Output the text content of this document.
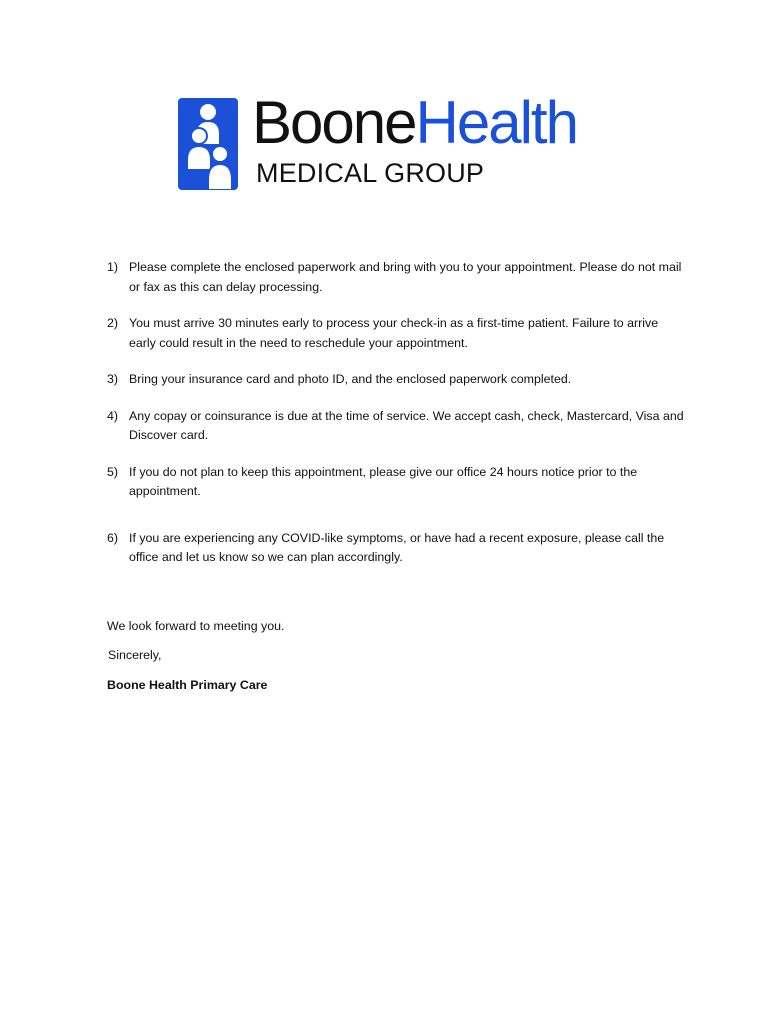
BooneHealth
MEDICAL GROUP
1) Please complete the enclosed paperwork and bring with you to your appointment. Please do not mail or fax as this can delay processing.
2) You must arrive 30 minutes early to process your check-in as a first-time patient. Failure to arrive early could result in the need to reschedule your appointment.
3) Bring your insurance card and photo ID, and the enclosed paperwork completed.
4) Any copay or coinsurance is due at the time of service. We accept cash, check, Mastercard, Visa and Discover card.
5) If you do not plan to keep this appointment, please give our office 24 hours notice prior to the appointment.
6) If you are experiencing any COVID-like symptoms, or have had a recent exposure, please call the office and let us know so we can plan accordingly.
We look forward to meeting you.
Sincerely,
Boone Health Primary Care
